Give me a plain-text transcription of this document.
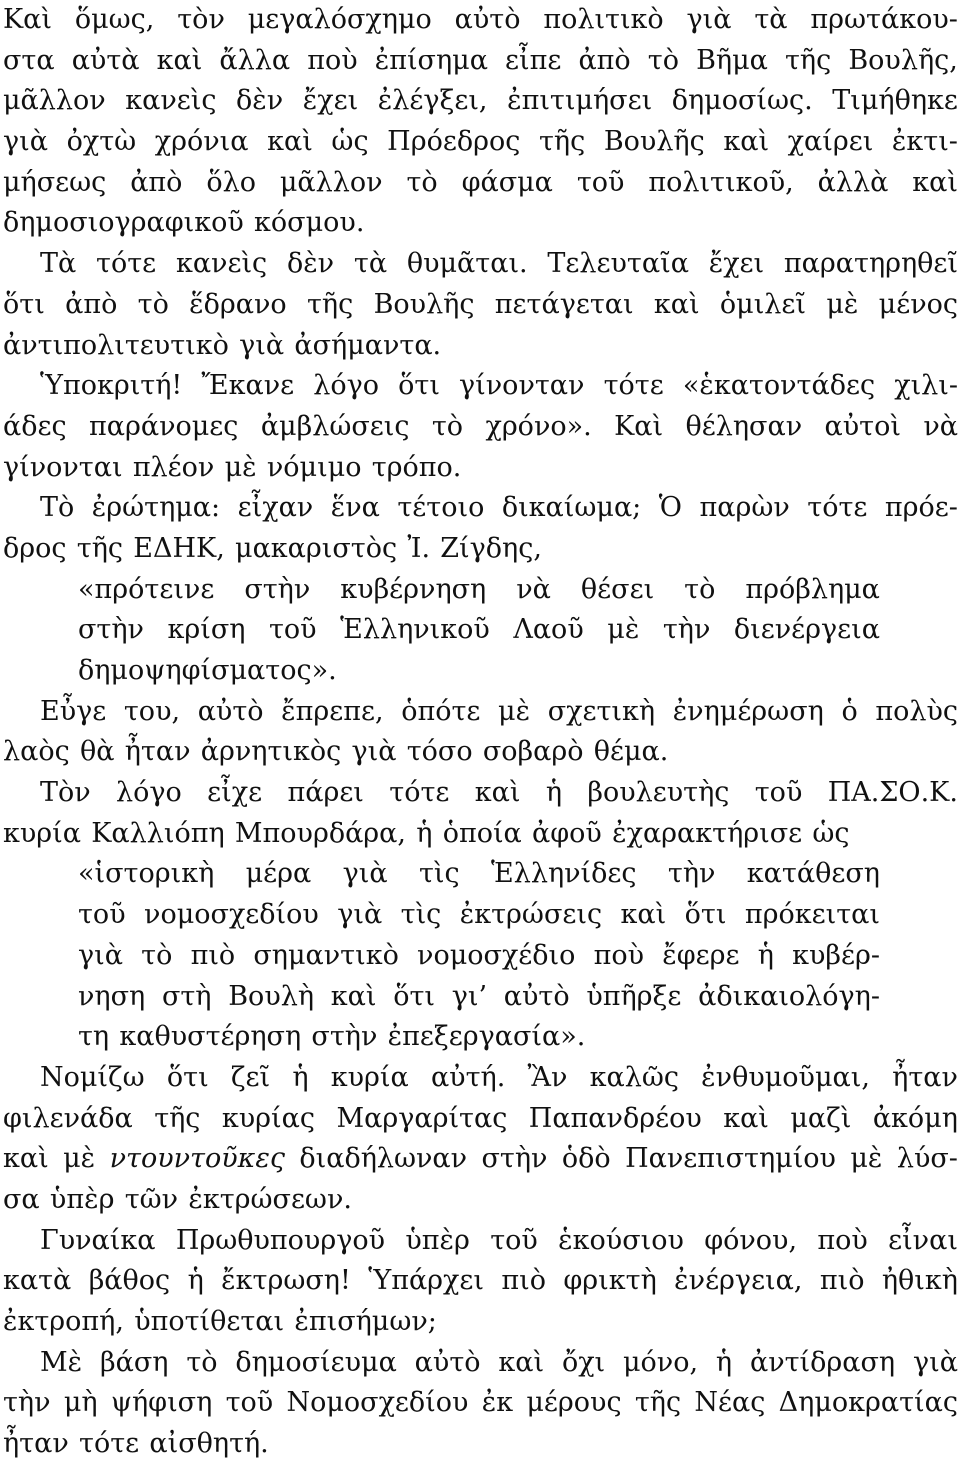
Καὶ ὅμως, τὸν μεγαλόσχημο αὐτὸ πολιτικὸ γιὰ τὰ πρωτάκου-
στα αὐτὰ καὶ ἄλλα ποὺ ἐπίσημα εἶπε ἀπὸ τὸ Βῆμα τῆς Βουλῆς,
μᾶλλον κανεὶς δὲν ἔχει ἐλέγξει, ἐπιτιμήσει δημοσίως. Τιμήθηκε
γιὰ ὀχτὼ χρόνια καὶ ὡς Πρόεδρος τῆς Βουλῆς καὶ χαίρει ἐκτι-
μήσεως ἀπὸ ὅλο μᾶλλον τὸ φάσμα τοῦ πολιτικοῦ, ἀλλὰ καὶ
δημοσιογραφικοῦ κόσμου.
Τὰ τότε κανεὶς δὲν τὰ θυμᾶται. Τελευταῖα ἔχει παρατηρηθεῖ
ὅτι ἀπὸ τὸ ἕδρανο τῆς Βουλῆς πετάγεται καὶ ὁμιλεῖ μὲ μένος
ἀντιπολιτευτικὸ γιὰ ἀσήμαντα.
Ὑποκριτή! Ἔκανε λόγο ὅτι γίνονταν τότε «ἑκατοντάδες χιλι-
άδες παράνομες ἀμβλώσεις τὸ χρόνο». Καὶ θέλησαν αὐτοὶ νὰ
γίνονται πλέον μὲ νόμιμο τρόπο.
Τὸ ἐρώτημα: εἶχαν ἕνα τέτοιο δικαίωμα; Ὁ παρὼν τότε πρόε-
δρος τῆς ΕΔΗΚ, μακαριστὸς Ἰ. Ζίγδης,
«πρότεινε στὴν κυβέρνηση νὰ θέσει τὸ πρόβλημα
στὴν κρίση τοῦ Ἑλληνικοῦ Λαοῦ μὲ τὴν διενέργεια
δημοψηφίσματος».
Εὖγε του, αὐτὸ ἔπρεπε, ὁπότε μὲ σχετικὴ ἐνημέρωση ὁ πολὺς
λαὸς θὰ ἦταν ἀρνητικὸς γιὰ τόσο σοβαρὸ θέμα.
Τὸν λόγο εἶχε πάρει τότε καὶ ἡ βουλευτὴς τοῦ ΠΑ.ΣΟ.Κ.
κυρία Καλλιόπη Μπουρδάρα, ἡ ὁποία ἀφοῦ ἐχαρακτήρισε ὡς
«ἱστορικὴ μέρα γιὰ τὶς Ἑλληνίδες τὴν κατάθεση
τοῦ νομοσχεδίου γιὰ τὶς ἐκτρώσεις καὶ ὅτι πρόκειται
γιὰ τὸ πιὸ σημαντικὸ νομοσχέδιο ποὺ ἔφερε ἡ κυβέρ-
νηση στὴ Βουλὴ καὶ ὅτι γι’ αὐτὸ ὑπῆρξε ἀδικαιολόγη-
τη καθυστέρηση στὴν ἐπεξεργασία».
Νομίζω ὅτι ζεῖ ἡ κυρία αὐτή. Ἂν καλῶς ἐνθυμοῦμαι, ἦταν
φιλενάδα τῆς κυρίας Μαργαρίτας Παπανδρέου καὶ μαζὶ ἀκόμη
καὶ μὲ ντουντοῦκες διαδήλωναν στὴν ὁδὸ Πανεπιστημίου μὲ λύσ-
σα ὑπὲρ τῶν ἐκτρώσεων.
Γυναίκα Πρωθυπουργοῦ ὑπὲρ τοῦ ἑκούσιου φόνου, ποὺ εἶναι
κατὰ βάθος ἡ ἔκτρωση! Ὑπάρχει πιὸ φρικτὴ ἐνέργεια, πιὸ ἠθικὴ
ἐκτροπή, ὑποτίθεται ἐπισήμων;
Μὲ βάση τὸ δημοσίευμα αὐτὸ καὶ ὄχι μόνο, ἡ ἀντίδραση γιὰ
τὴν μὴ ψήφιση τοῦ Νομοσχεδίου ἐκ μέρους τῆς Νέας Δημοκρατίας
ἦταν τότε αἰσθητή.
